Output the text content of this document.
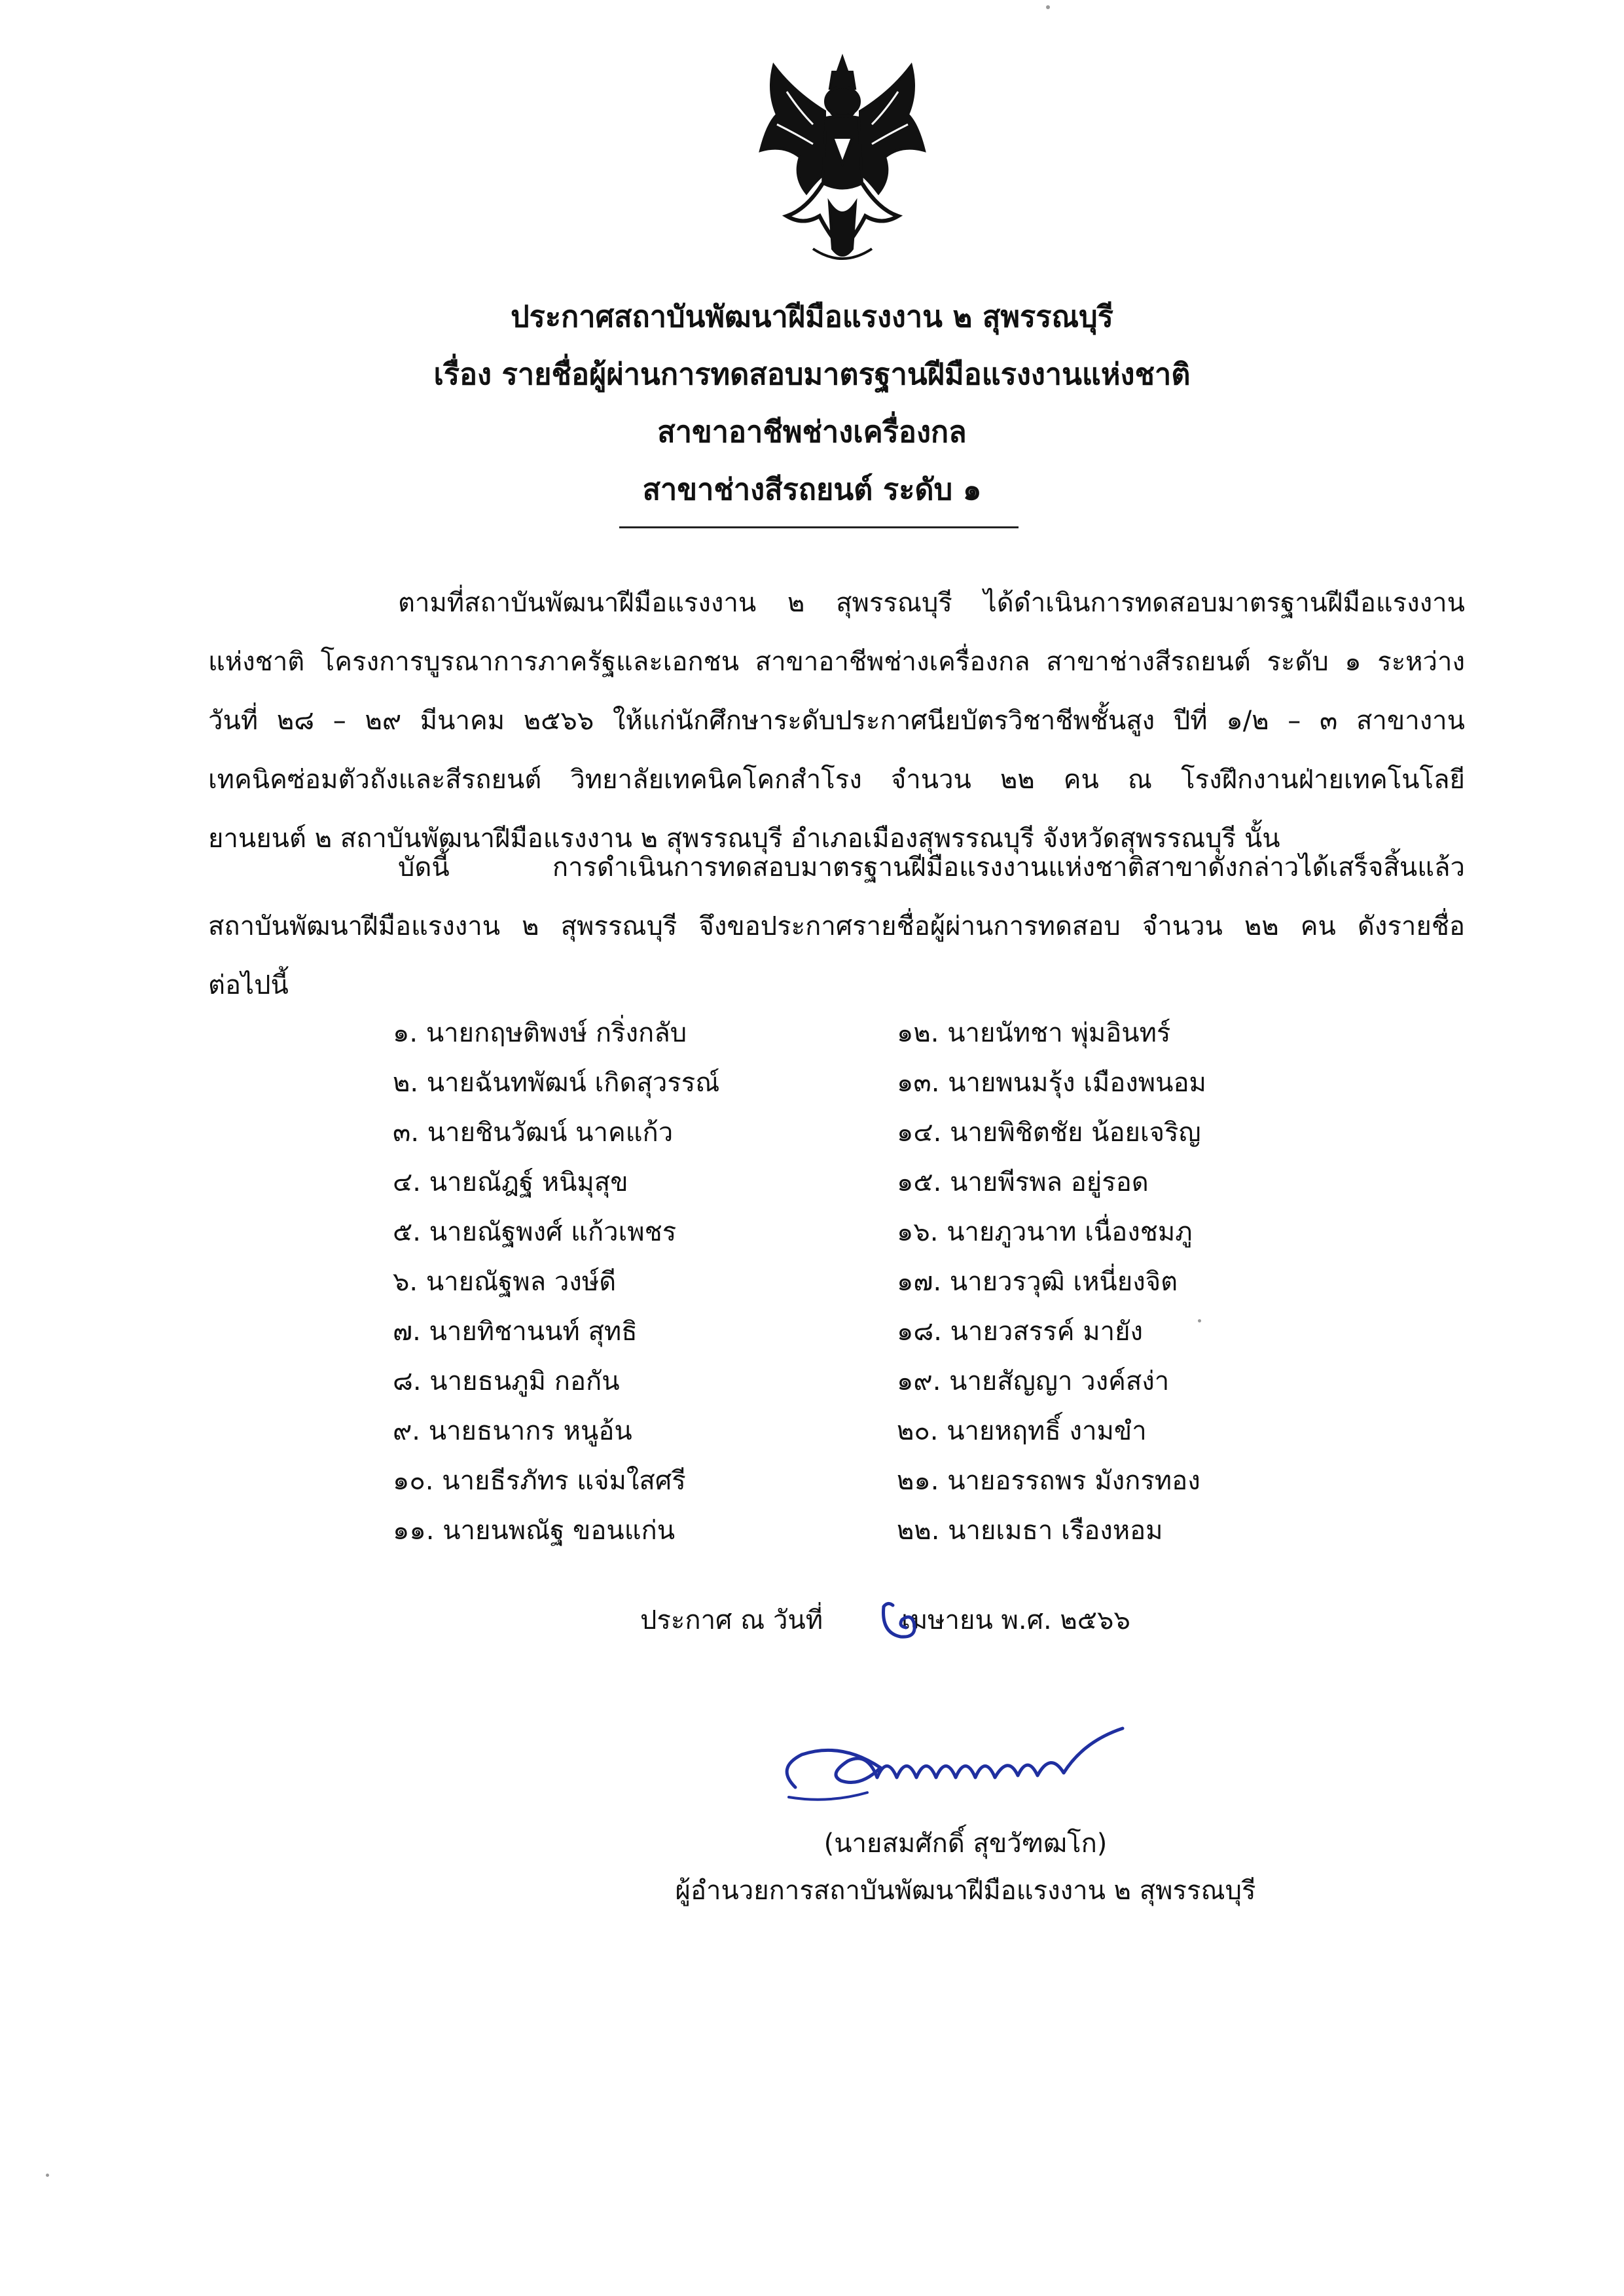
ประกาศสถาบันพัฒนาฝีมือแรงงาน ๒ สุพรรณบุรี
เรื่อง รายชื่อผู้ผ่านการทดสอบมาตรฐานฝีมือแรงงานแห่งชาติ
สาขาอาชีพช่างเครื่องกล
สาขาช่างสีรถยนต์ ระดับ ๑
ตามที่สถาบันพัฒนาฝีมือแรงงาน ๒ สุพรรณบุรี ได้ดำเนินการทดสอบมาตรฐานฝีมือแรงงาน
แห่งชาติ โครงการบูรณาการภาครัฐและเอกชน สาขาอาชีพช่างเครื่องกล สาขาช่างสีรถยนต์ ระดับ ๑ ระหว่าง
วันที่ ๒๘ – ๒๙ มีนาคม ๒๕๖๖ ให้แก่นักศึกษาระดับประกาศนียบัตรวิชาชีพชั้นสูง ปีที่ ๑/๒ – ๓ สาขางาน
เทคนิคซ่อมตัวถังและสีรถยนต์ วิทยาลัยเทคนิคโคกสำโรง จำนวน ๒๒ คน ณ โรงฝึกงานฝ่ายเทคโนโลยี
ยานยนต์ ๒ สถาบันพัฒนาฝีมือแรงงาน ๒ สุพรรณบุรี อำเภอเมืองสุพรรณบุรี จังหวัดสุพรรณบุรี นั้น
บัดนี้ การดำเนินการทดสอบมาตรฐานฝีมือแรงงานแห่งชาติสาขาดังกล่าวได้เสร็จสิ้นแล้ว
สถาบันพัฒนาฝีมือแรงงาน ๒ สุพรรณบุรี จึงขอประกาศรายชื่อผู้ผ่านการทดสอบ จำนวน ๒๒ คน ดังรายชื่อ
ต่อไปนี้
๑. นายกฤษติพงษ์ กริ่งกลับ
๒. นายฉันทพัฒน์ เกิดสุวรรณ์
๓. นายชินวัฒน์ นาคแก้ว
๔. นายณัฎฐ์ หนิมุสุข
๕. นายณัฐพงศ์ แก้วเพชร
๖. นายณัฐพล วงษ์ดี
๗. นายทิชานนท์ สุทธิ
๘. นายธนภูมิ กอกัน
๙. นายธนากร หนูอ้น
๑๐. นายธีรภัทร แจ่มใสศรี
๑๑. นายนพณัฐ ขอนแก่น
๑๒. นายนัทชา พุ่มอินทร์
๑๓. นายพนมรุ้ง เมืองพนอม
๑๔. นายพิชิตชัย น้อยเจริญ
๑๕. นายพีรพล อยู่รอด
๑๖. นายภูวนาท เนื่องชมภู
๑๗. นายวรวุฒิ เหนี่ยงจิต
๑๘. นายวสรรค์ มายัง
๑๙. นายสัญญา วงค์สง่า
๒๐. นายหฤทธิ์ งามขำ
๒๑. นายอรรถพร มังกรทอง
๒๒. นายเมธา เรืองหอม
ประกาศ ณ วันที่	เมษายน พ.ศ. ๒๕๖๖
(นายสมศักดิ์ สุขวัฑฒโก)
ผู้อำนวยการสถาบันพัฒนาฝีมือแรงงาน ๒ สุพรรณบุรี
